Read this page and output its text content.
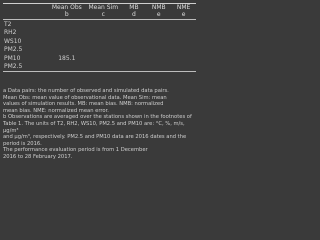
	Mean Obs	Mean Sim	MB	NMB	NME
	b	c	d	e	e
T2					
RH2					
WS10					
PM2.5					
PM10	185.1				
PM2.5					

a Data pairs: the number of observed and simulated data pairs.

Mean Obs: mean value of observational data. Mean Sim: mean

values of simulation results. MB: mean bias. NMB: normalized

mean bias. NME: normalized mean error.

b Observations are averaged over the stations shown in the footnotes of

Table 1. The units of T2, RH2, WS10, PM2.5 and PM10 are: °C, %, m/s, μg/m³

and μg/m³, respectively. PM2.5 and PM10 data are 2016 dates and the

period is 2016.

The performance evaluation period is from 1 December

2016 to 28 February 2017.
